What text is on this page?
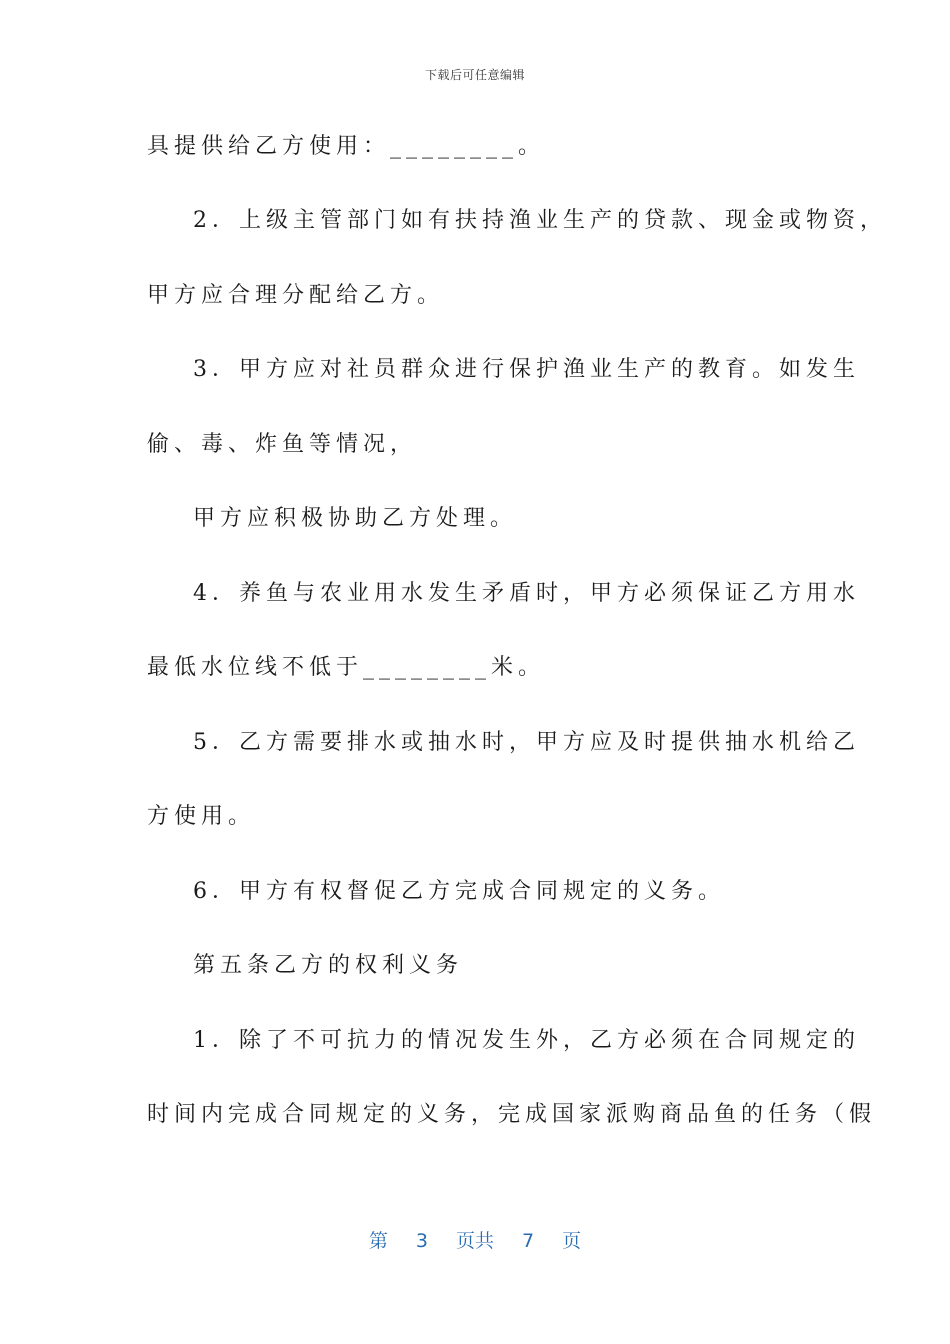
下载后可任意编辑
具提供给乙方使用：________。
2．上级主管部门如有扶持渔业生产的贷款、现金或物资，
甲方应合理分配给乙方。
3．甲方应对社员群众进行保护渔业生产的教育。如发生
偷、毒、炸鱼等情况，
甲方应积极协助乙方处理。
4．养鱼与农业用水发生矛盾时，甲方必须保证乙方用水
最低水位线不低于________米。
5．乙方需要排水或抽水时，甲方应及时提供抽水机给乙
方使用。
6．甲方有权督促乙方完成合同规定的义务。
第五条乙方的权利义务
1．除了不可抗力的情况发生外，乙方必须在合同规定的
时间内完成合同规定的义务，完成国家派购商品鱼的任务（假
第 3 页共 7 页
